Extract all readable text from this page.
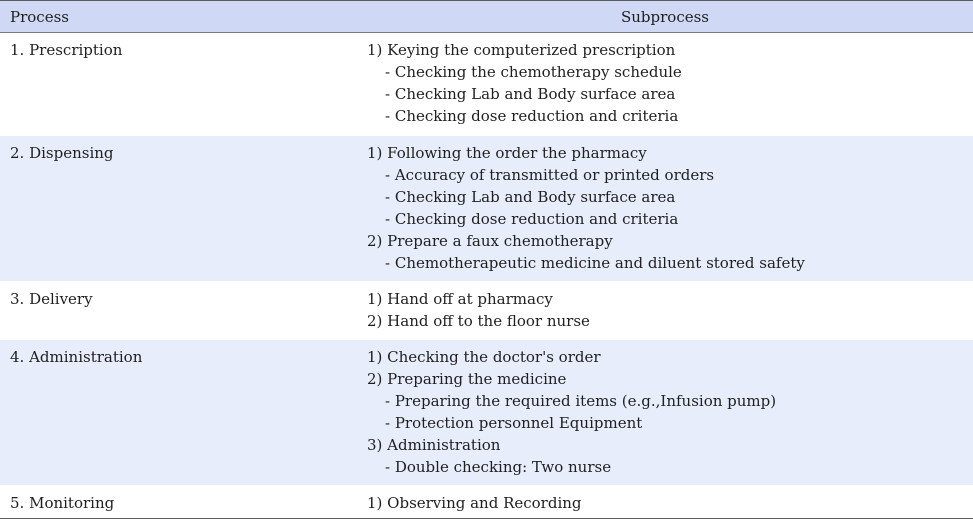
Process	Subprocess
1. Prescription	1) Keying the computerized prescription
- Checking the chemotherapy schedule
- Checking Lab and Body surface area
- Checking dose reduction and criteria
2. Dispensing	1) Following the order the pharmacy
- Accuracy of transmitted or printed orders
- Checking Lab and Body surface area
- Checking dose reduction and criteria
2) Prepare a faux chemotherapy
- Chemotherapeutic medicine and diluent stored safety
3. Delivery	1) Hand off at pharmacy
2) Hand off to the floor nurse
4. Administration	1) Checking the doctor's order
2) Preparing the medicine
- Preparing the required items (e.g.,Infusion pump)
- Protection personnel Equipment
3) Administration
- Double checking: Two nurse
5. Monitoring	1) Observing and Recording
